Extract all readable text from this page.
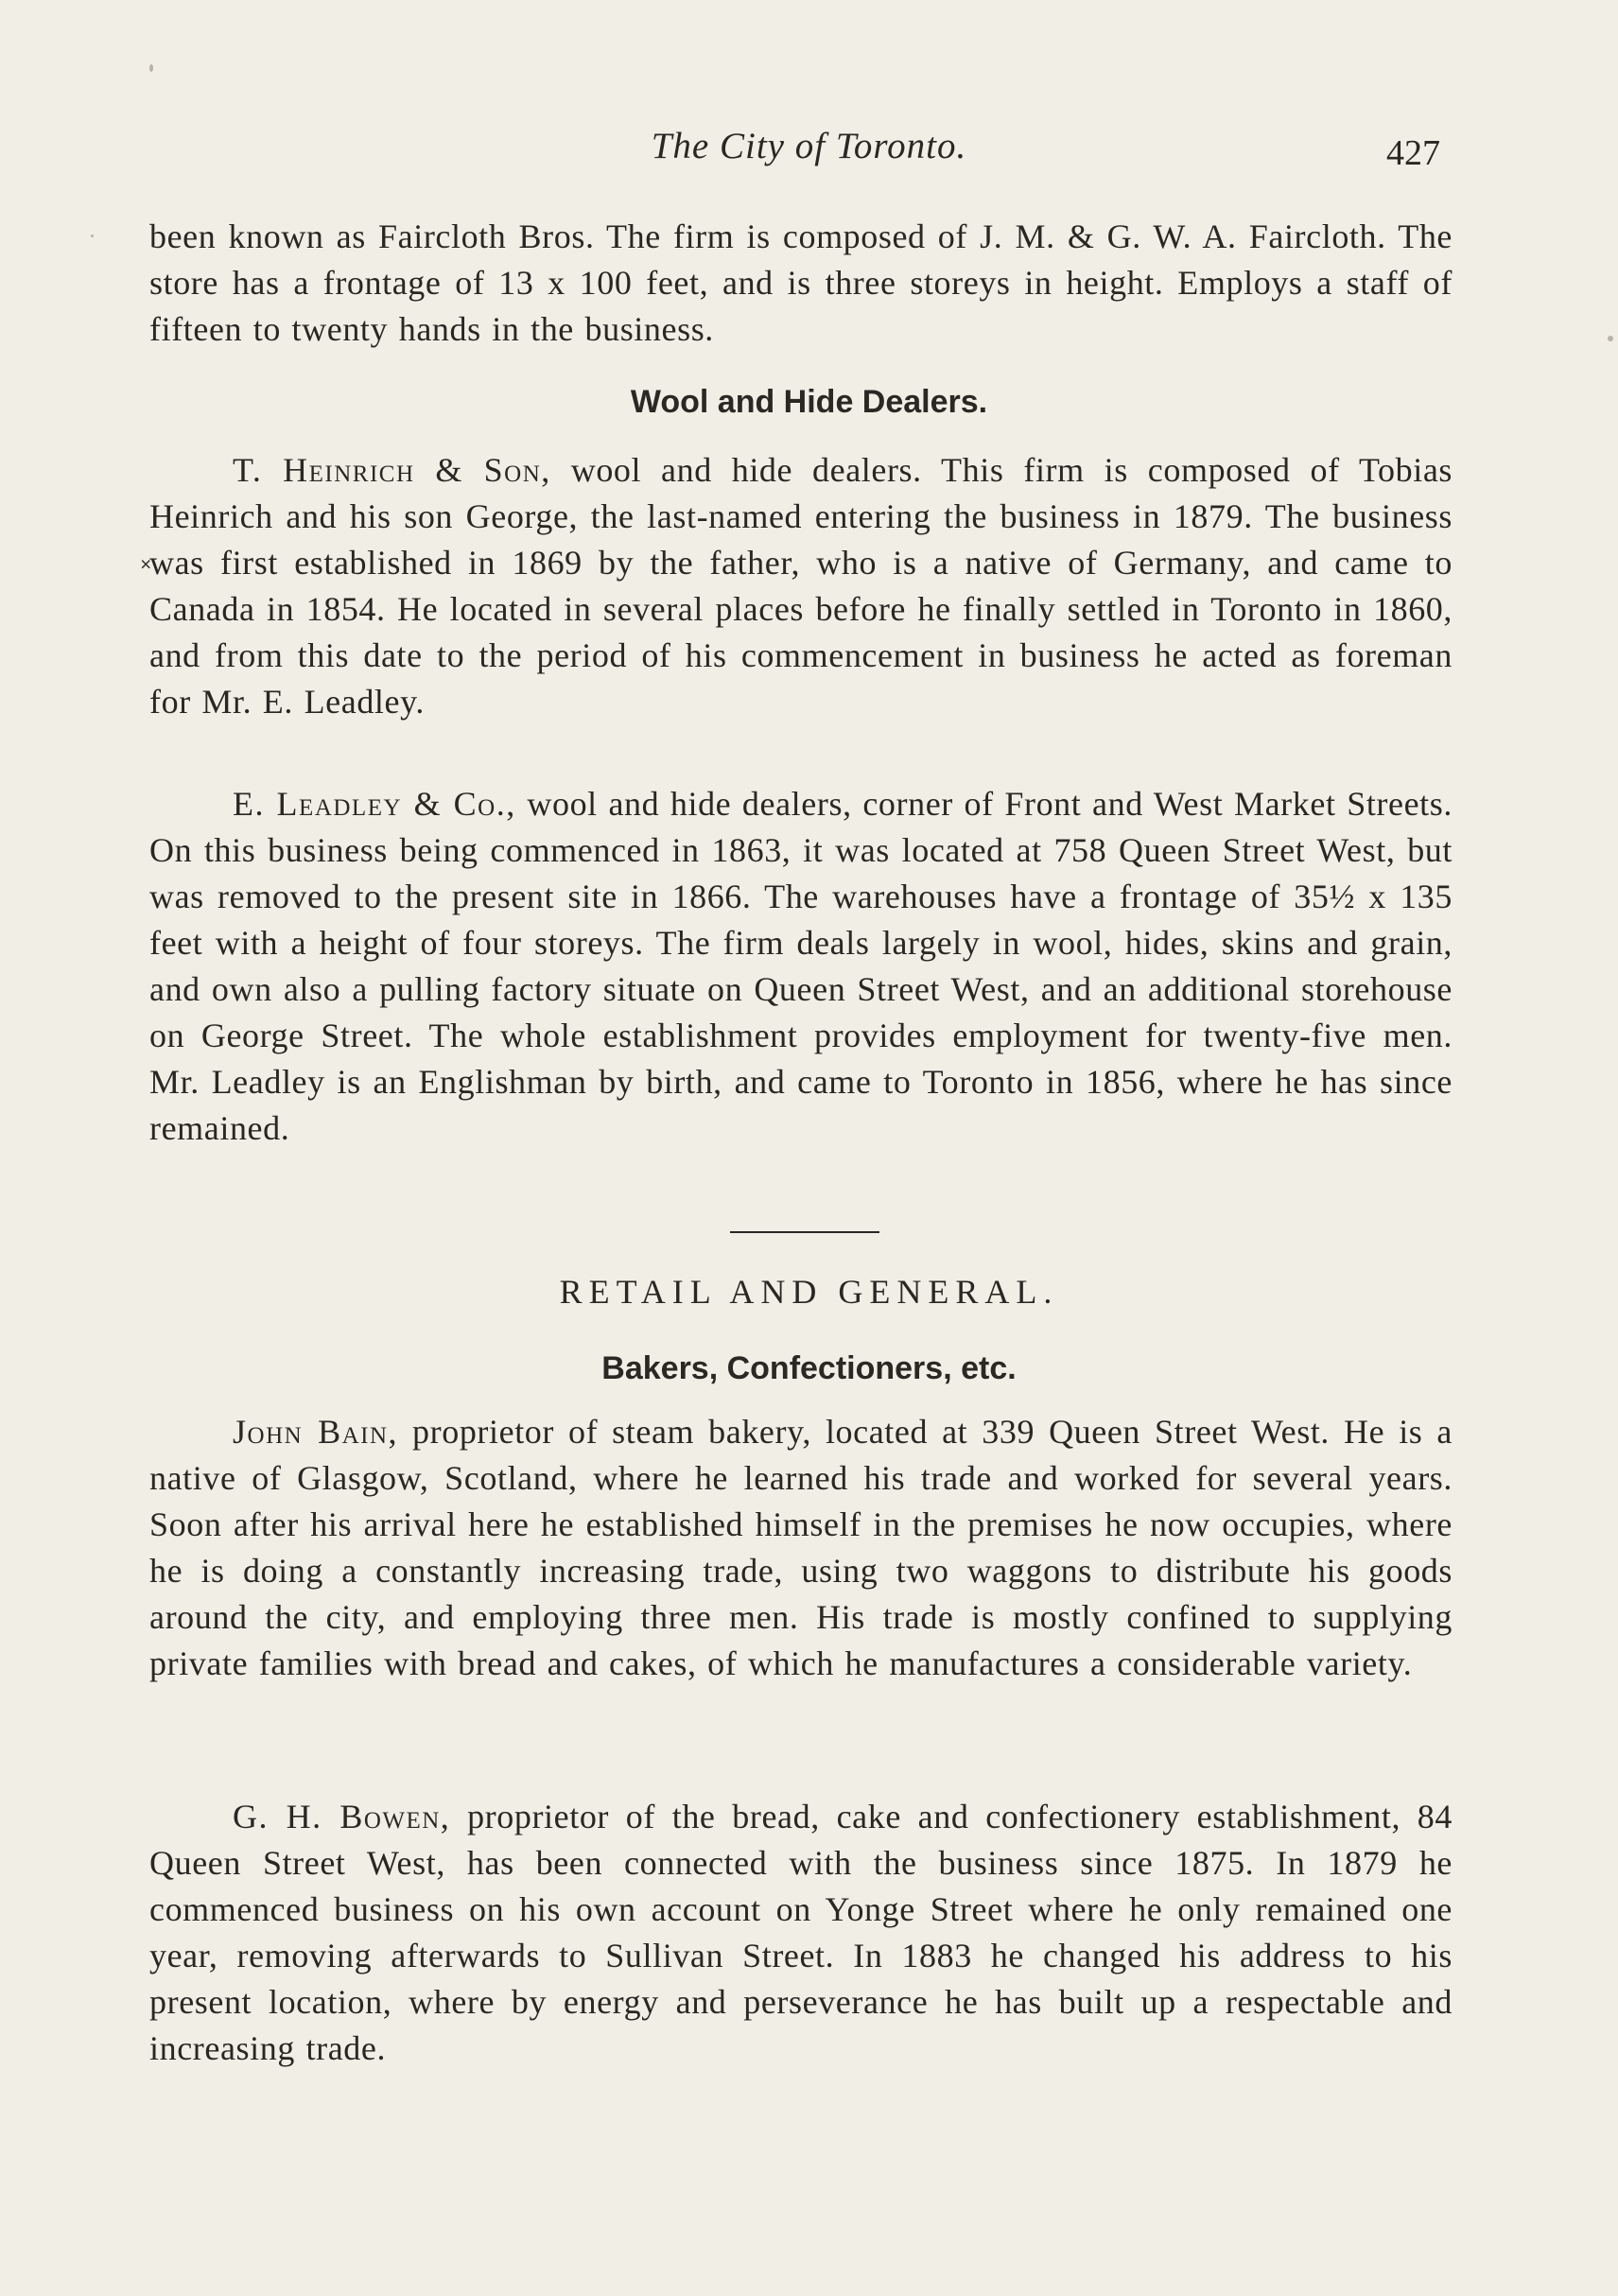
The City of Toronto.	427
×

been known as Faircloth Bros. The firm is composed of J. M. & G. W. A. Faircloth. The store has a frontage of 13 x 100 feet, and is three storeys in height. Employs a staff of fifteen to twenty hands in the business.

Wool and Hide Dealers.

T. Heinrich & Son, wool and hide dealers. This firm is composed of Tobias Heinrich and his son George, the last-named entering the business in 1879. The business was first established in 1869 by the father, who is a native of Germany, and came to Canada in 1854. He located in several places before he finally settled in Toronto in 1860, and from this date to the period of his commencement in business he acted as foreman for Mr. E. Leadley.

E. Leadley & Co., wool and hide dealers, corner of Front and West Market Streets. On this business being commenced in 1863, it was located at 758 Queen Street West, but was removed to the present site in 1866. The warehouses have a frontage of 35½ x 135 feet with a height of four storeys. The firm deals largely in wool, hides, skins and grain, and own also a pulling factory situate on Queen Street West, and an additional storehouse on George Street. The whole establishment provides employment for twenty-five men. Mr. Leadley is an Englishman by birth, and came to Toronto in 1856, where he has since remained.

RETAIL AND GENERAL.
Bakers, Confectioners, etc.

John Bain, proprietor of steam bakery, located at 339 Queen Street West. He is a native of Glasgow, Scotland, where he learned his trade and worked for several years. Soon after his arrival here he established himself in the premises he now occupies, where he is doing a constantly increasing trade, using two waggons to distribute his goods around the city, and employing three men. His trade is mostly confined to supplying private families with bread and cakes, of which he manufactures a considerable variety.

G. H. Bowen, proprietor of the bread, cake and confectionery establishment, 84 Queen Street West, has been connected with the business since 1875. In 1879 he commenced business on his own account on Yonge Street where he only remained one year, removing afterwards to Sullivan Street. In 1883 he changed his address to his present location, where by energy and perseverance he has built up a respectable and increasing trade.
